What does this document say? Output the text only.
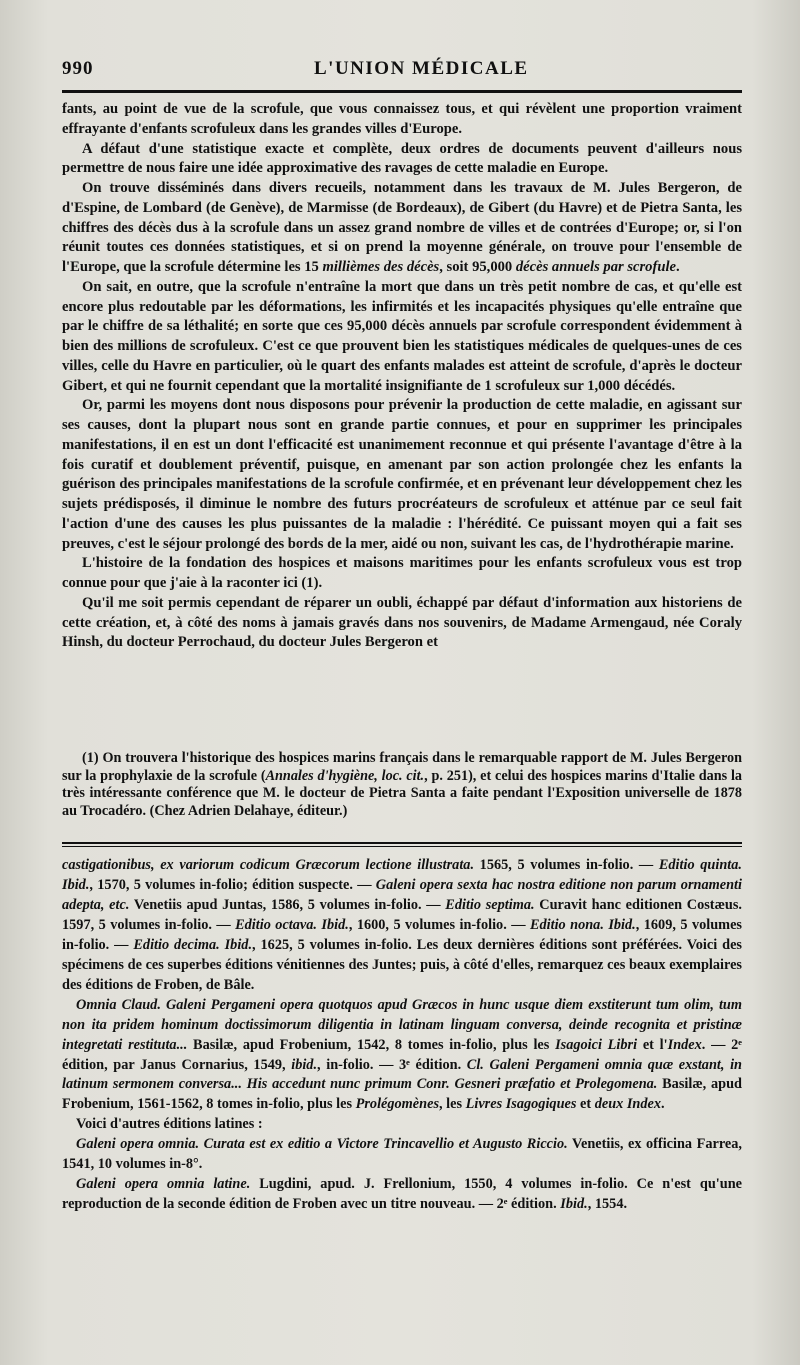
990	L'UNION MÉDICALE

fants, au point de vue de la scrofule, que vous connaissez tous, et qui révèlent une proportion vraiment effrayante d'enfants scrofuleux dans les grandes villes d'Europe.

A défaut d'une statistique exacte et complète, deux ordres de documents peuvent d'ailleurs nous permettre de nous faire une idée approximative des ravages de cette maladie en Europe.

On trouve disséminés dans divers recueils, notamment dans les travaux de M. Jules Bergeron, de d'Espine, de Lombard (de Genève), de Marmisse (de Bordeaux), de Gibert (du Havre) et de Pietra Santa, les chiffres des décès dus à la scrofule dans un assez grand nombre de villes et de contrées d'Europe; or, si l'on réunit toutes ces données statistiques, et si on prend la moyenne générale, on trouve pour l'ensemble de l'Europe, que la scrofule détermine les 15 millièmes des décès, soit 95,000 décès annuels par scrofule.

On sait, en outre, que la scrofule n'entraîne la mort que dans un très petit nombre de cas, et qu'elle est encore plus redoutable par les déformations, les infirmités et les incapacités physiques qu'elle entraîne que par le chiffre de sa léthalité; en sorte que ces 95,000 décès annuels par scrofule correspondent évidemment à bien des millions de scrofuleux. C'est ce que prouvent bien les statistiques médicales de quelques-unes de ces villes, celle du Havre en particulier, où le quart des enfants malades est atteint de scrofule, d'après le docteur Gibert, et qui ne fournit cependant que la mortalité insignifiante de 1 scrofuleux sur 1,000 décédés.

Or, parmi les moyens dont nous disposons pour prévenir la production de cette maladie, en agissant sur ses causes, dont la plupart nous sont en grande partie connues, et pour en supprimer les principales manifestations, il en est un dont l'efficacité est unanimement reconnue et qui présente l'avantage d'être à la fois curatif et doublement préventif, puisque, en amenant par son action prolongée chez les enfants la guérison des principales manifestations de la scrofule confirmée, et en prévenant leur développement chez les sujets prédisposés, il diminue le nombre des futurs procréateurs de scrofuleux et atténue par ce seul fait l'action d'une des causes les plus puissantes de la maladie : l'hérédité. Ce puissant moyen qui a fait ses preuves, c'est le séjour prolongé des bords de la mer, aidé ou non, suivant les cas, de l'hydrothérapie marine.

L'histoire de la fondation des hospices et maisons maritimes pour les enfants scrofuleux vous est trop connue pour que j'aie à la raconter ici (1).

Qu'il me soit permis cependant de réparer un oubli, échappé par défaut d'information aux historiens de cette création, et, à côté des noms à jamais gravés dans nos souvenirs, de Madame Armengaud, née Coraly Hinsh, du docteur Perrochaud, du docteur Jules Bergeron et

(1) On trouvera l'historique des hospices marins français dans le remarquable rapport de M. Jules Bergeron sur la prophylaxie de la scrofule (Annales d'hygiène, loc. cit., p. 251), et celui des hospices marins d'Italie dans la très intéressante conférence que M. le docteur de Pietra Santa a faite pendant l'Exposition universelle de 1878 au Trocadéro. (Chez Adrien Delahaye, éditeur.)

castigationibus, ex variorum codicum Græcorum lectione illustrata. 1565, 5 volumes in-folio. — Editio quinta. Ibid., 1570, 5 volumes in-folio; édition suspecte. — Galeni opera sexta hac nostra editione non parum ornamenti adepta, etc. Venetiis apud Juntas, 1586, 5 volumes in-folio. — Editio septima. Curavit hanc editionen Costæus. 1597, 5 volumes in-folio. — Editio octava. Ibid., 1600, 5 volumes in-folio. — Editio nona. Ibid., 1609, 5 volumes in-folio. — Editio decima. Ibid., 1625, 5 volumes in-folio. Les deux dernières éditions sont préférées. Voici des spécimens de ces superbes éditions vénitiennes des Juntes; puis, à côté d'elles, remarquez ces beaux exemplaires des éditions de Froben, de Bâle.

Omnia Claud. Galeni Pergameni opera quotquos apud Græcos in hunc usque diem exstiterunt tum olim, tum non ita pridem hominum doctissimorum diligentia in latinam linguam conversa, deinde recognita et pristinæ integretati restituta... Basilæ, apud Frobenium, 1542, 8 tomes in-folio, plus les Isagoici Libri et l'Index. — 2ᵉ édition, par Janus Cornarius, 1549, ibid., in-folio. — 3ᵉ édition. Cl. Galeni Pergameni omnia quæ exstant, in latinum sermonem conversa... His accedunt nunc primum Conr. Gesneri præfatio et Prolegomena. Basilæ, apud Frobenium, 1561-1562, 8 tomes in-folio, plus les Prolégomènes, les Livres Isagogiques et deux Index.

Voici d'autres éditions latines :

Galeni opera omnia. Curata est ex editio a Victore Trincavellio et Augusto Riccio. Venetiis, ex officina Farrea, 1541, 10 volumes in-8°.

Galeni opera omnia latine. Lugdini, apud. J. Frellonium, 1550, 4 volumes in-folio. Ce n'est qu'une reproduction de la seconde édition de Froben avec un titre nouveau. — 2ᵉ édition. Ibid., 1554.
